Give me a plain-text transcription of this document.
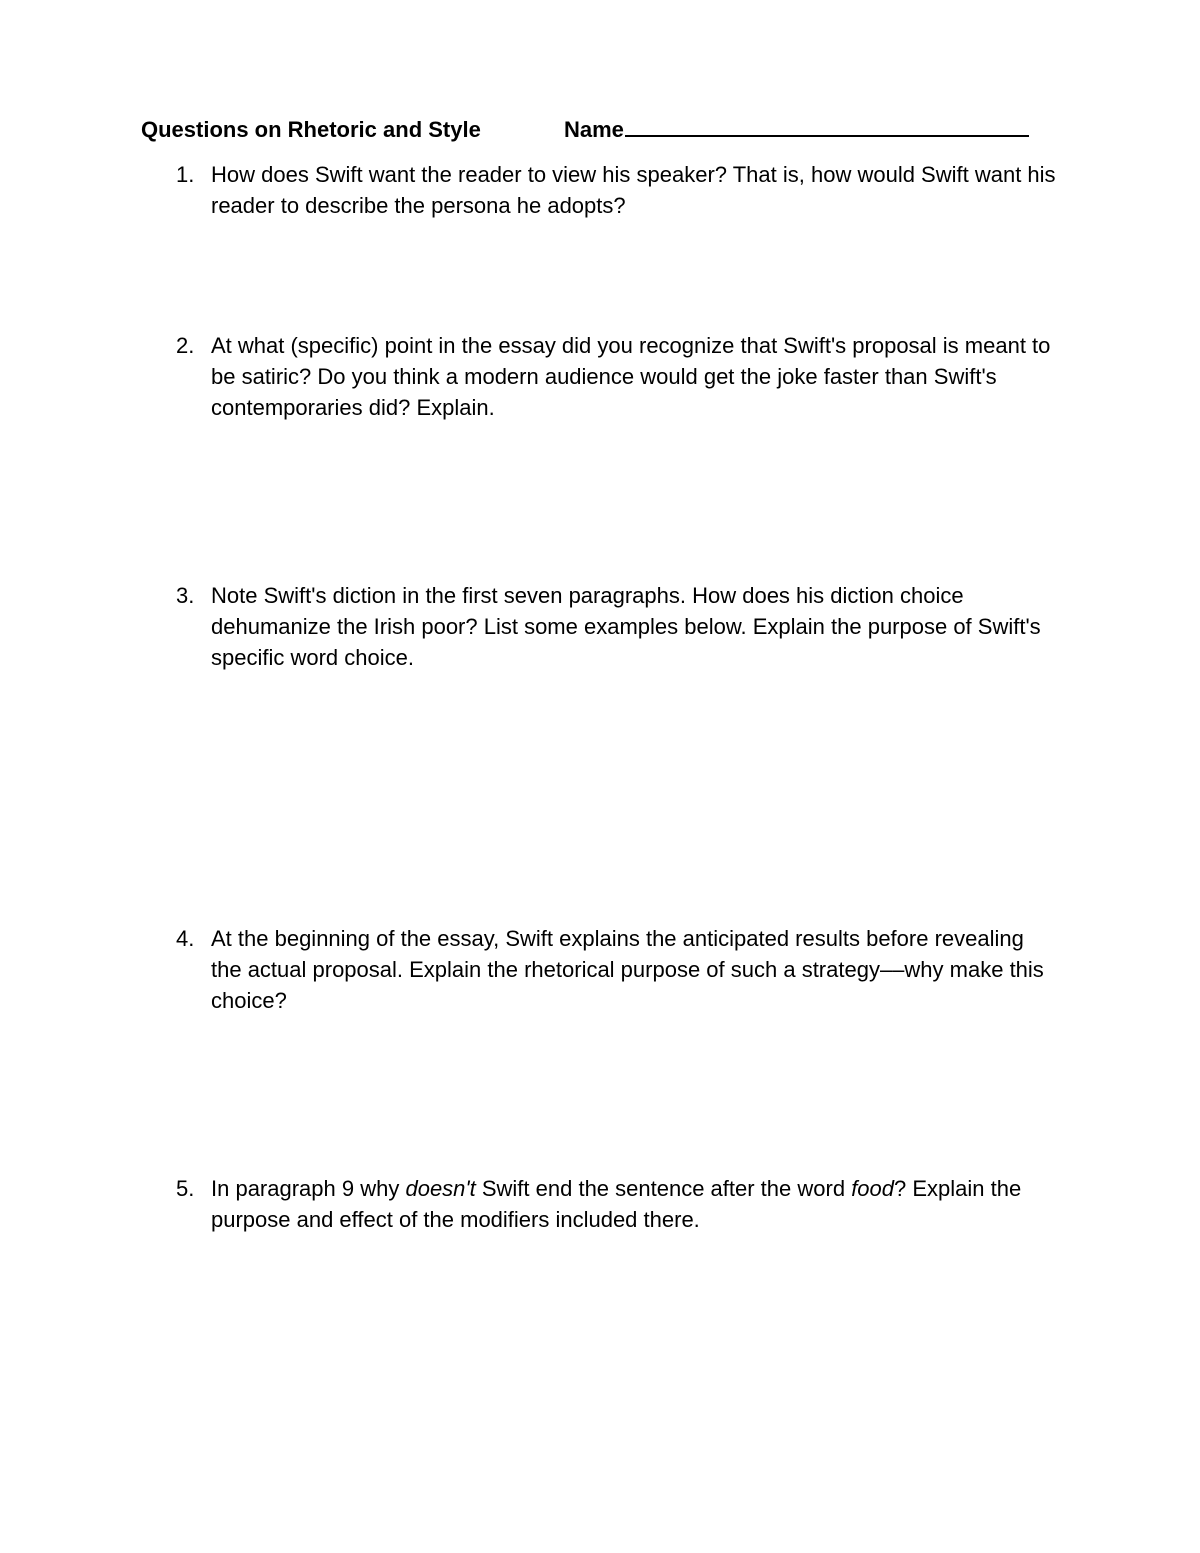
Questions on Rhetoric and Style	Name
1. How does Swift want the reader to view his speaker? That is, how would Swift want his reader to describe the persona he adopts?
2. At what (specific) point in the essay did you recognize that Swift's proposal is meant to be satiric? Do you think a modern audience would get the joke faster than Swift's contemporaries did? Explain.
3. Note Swift's diction in the first seven paragraphs. How does his diction choice dehumanize the Irish poor? List some examples below. Explain the purpose of Swift's specific word choice.
4. At the beginning of the essay, Swift explains the anticipated results before revealing the actual proposal. Explain the rhetorical purpose of such a strategy––why make this choice?
5. In paragraph 9 why doesn't Swift end the sentence after the word food? Explain the purpose and effect of the modifiers included there.
